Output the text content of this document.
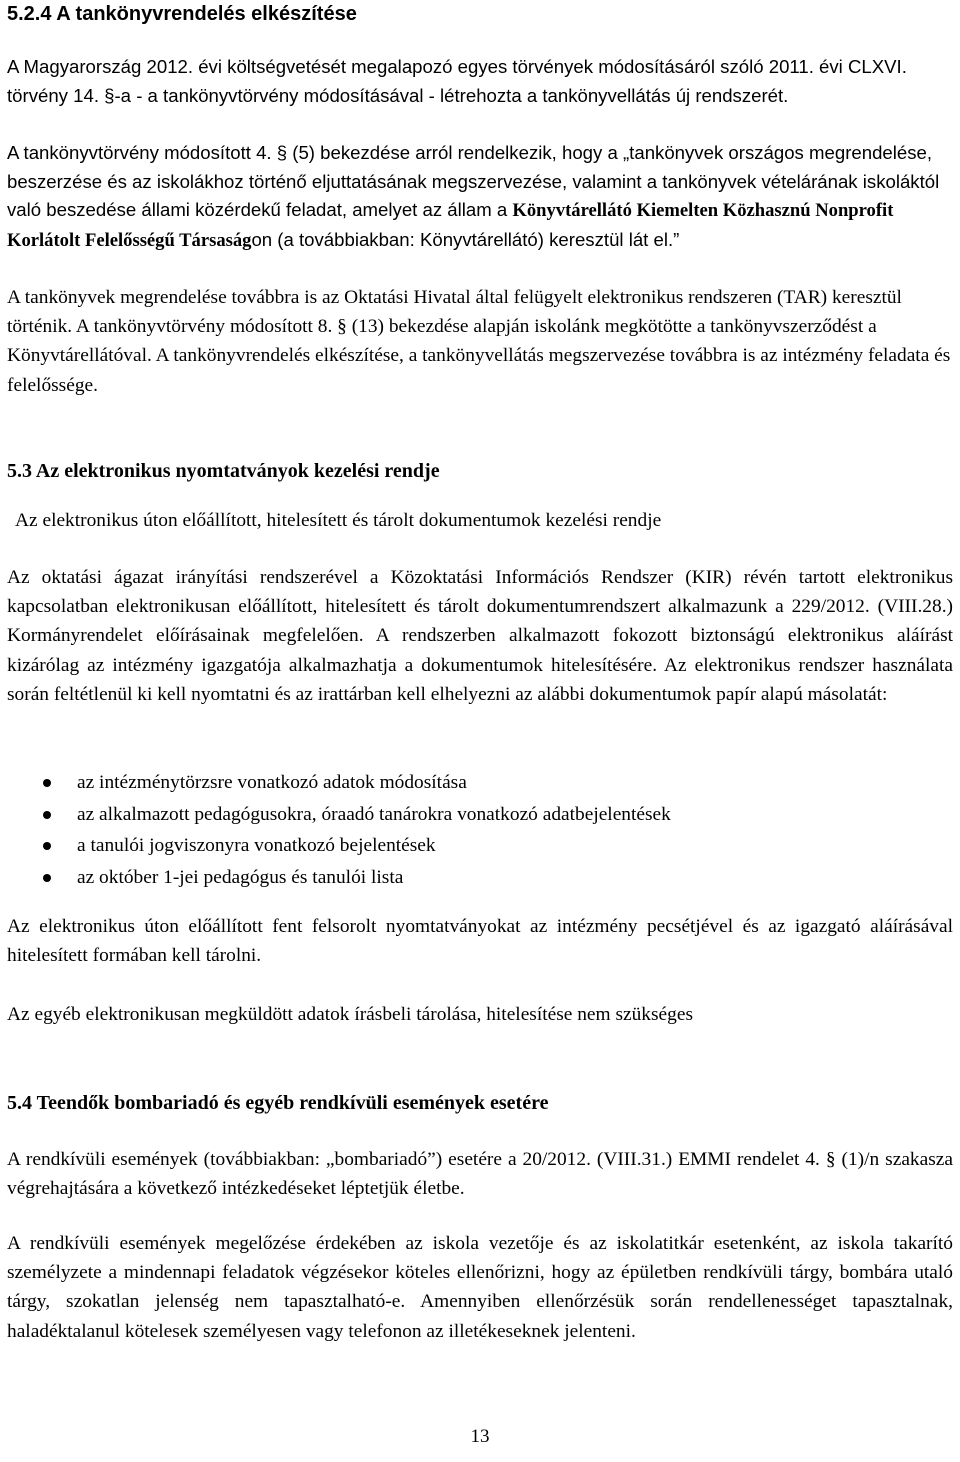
5.2.4 A tankönyvrendelés elkészítése

A Magyarország 2012. évi költségvetését megalapozó egyes törvények módosításáról szóló 2011. évi CLXVI. törvény 14. §-a - a tankönyvtörvény módosításával - létrehozta a tankönyvellátás új rendszerét.

A tankönyvtörvény módosított 4. § (5) bekezdése arról rendelkezik, hogy a „tankönyvek országos megrendelése, beszerzése és az iskolákhoz történő eljuttatásának megszervezése, valamint a tankönyvek vételárának iskoláktól való beszedése állami közérdekű feladat, amelyet az állam a Könyvtárellátó Kiemelten Közhasznú Nonprofit Korlátolt Felelősségű Társaságon (a továbbiakban: Könyvtárellátó) keresztül lát el.”

A tankönyvek megrendelése továbbra is az Oktatási Hivatal által felügyelt elektronikus rendszeren (TAR) keresztül történik. A tankönyvtörvény módosított 8. § (13) bekezdése alapján iskolánk megkötötte a tankönyvszerződést a Könyvtárellátóval. A tankönyvrendelés elkészítése, a tankönyvellátás megszervezése továbbra is az intézmény feladata és felelőssége.

5.3 Az elektronikus nyomtatványok kezelési rendje

Az elektronikus úton előállított, hitelesített és tárolt dokumentumok kezelési rendje

Az oktatási ágazat irányítási rendszerével a Közoktatási Információs Rendszer (KIR) révén tartott elektronikus kapcsolatban elektronikusan előállított, hitelesített és tárolt dokumentumrendszert alkalmazunk a 229/2012. (VIII.28.) Kormányrendelet előírásainak megfelelően. A rendszerben alkalmazott fokozott biztonságú elektronikus aláírást kizárólag az intézmény igazgatója alkalmazhatja a dokumentumok hitelesítésére. Az elektronikus rendszer használata során feltétlenül ki kell nyomtatni és az irattárban kell elhelyezni az alábbi dokumentumok papír alapú másolatát:

az intézménytörzsre vonatkozó adatok módosítása
az alkalmazott pedagógusokra, óraadó tanárokra vonatkozó adatbejelentések
a tanulói jogviszonyra vonatkozó bejelentések
az október 1-jei pedagógus és tanulói lista

Az elektronikus úton előállított fent felsorolt nyomtatványokat az intézmény pecsétjével és az igazgató aláírásával hitelesített formában kell tárolni.

Az egyéb elektronikusan megküldött adatok írásbeli tárolása, hitelesítése nem szükséges

5.4 Teendők bombariadó és egyéb rendkívüli események esetére

A rendkívüli események (továbbiakban: „bombariadó”) esetére a 20/2012. (VIII.31.) EMMI rendelet 4. § (1)/n szakasza végrehajtására a következő intézkedéseket léptetjük életbe.

A rendkívüli események megelőzése érdekében az iskola vezetője és az iskolatitkár esetenként, az iskola takarító személyzete a mindennapi feladatok végzésekor köteles ellenőrizni, hogy az épületben rendkívüli tárgy, bombára utaló tárgy, szokatlan jelenség nem tapasztalható-e. Amennyiben ellenőrzésük során rendellenességet tapasztalnak, haladéktalanul kötelesek személyesen vagy telefonon az illetékeseknek jelenteni.

13
